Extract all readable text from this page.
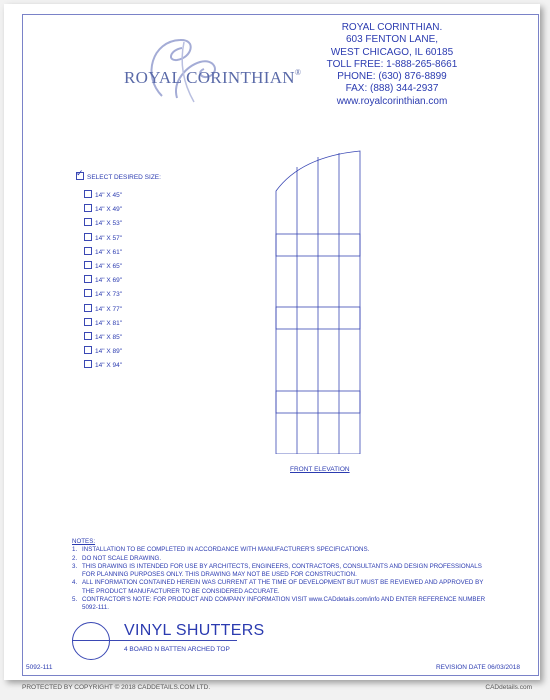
ROYAL CORINTHIAN®
ROYAL CORINTHIAN.
603 FENTON LANE,
WEST CHICAGO, IL 60185
TOLL FREE: 1-888-265-8661
PHONE: (630) 876-8899
FAX: (888) 344-2937
www.royalcorinthian.com
✓SELECT DESIRED SIZE:
14" X 45"
14" X 49"
14" X 53"
14" X 57"
14" X 61"
14" X 65"
14" X 69"
14" X 73"
14" X 77"
14" X 81"
14" X 85"
14" X 89"
14" X 94"
FRONT ELEVATION
NOTES:
1. INSTALLATION TO BE COMPLETED IN ACCORDANCE WITH MANUFACTURER'S SPECIFICATIONS.
2. DO NOT SCALE DRAWING.
3. THIS DRAWING IS INTENDED FOR USE BY ARCHITECTS, ENGINEERS, CONTRACTORS, CONSULTANTS AND DESIGN PROFESSIONALS FOR PLANNING PURPOSES ONLY. THIS DRAWING MAY NOT BE USED FOR CONSTRUCTION.
4. ALL INFORMATION CONTAINED HEREIN WAS CURRENT AT THE TIME OF DEVELOPMENT BUT MUST BE REVIEWED AND APPROVED BY THE PRODUCT MANUFACTURER TO BE CONSIDERED ACCURATE.
5. CONTRACTOR'S NOTE: FOR PRODUCT AND COMPANY INFORMATION VISIT www.CADdetails.com/info AND ENTER REFERENCE NUMBER 5092-111.
VINYL SHUTTERS
4 BOARD N BATTEN ARCHED TOP
5092-111	REVISION DATE 06/03/2018
PROTECTED BY COPYRIGHT © 2018 CADDETAILS.COM LTD.	CADdetails.com
